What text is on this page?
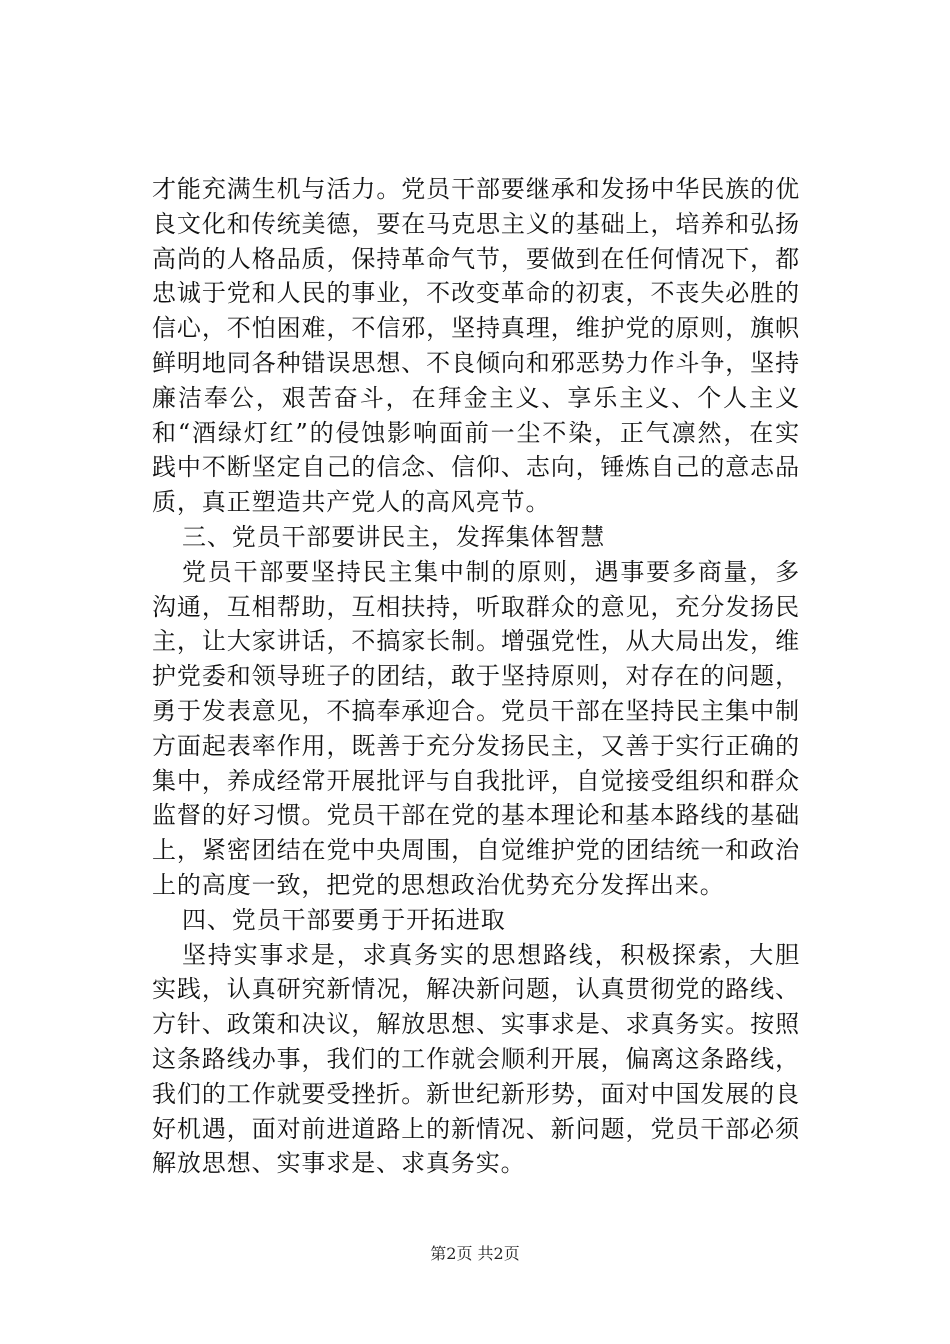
才能充满生机与活力。党员干部要继承和发扬中华民族的优良文化和传统美德，要在马克思主义的基础上，培养和弘扬高尚的人格品质，保持革命气节，要做到在任何情况下，都忠诚于党和人民的事业，不改变革命的初衷，不丧失必胜的信心，不怕困难，不信邪，坚持真理，维护党的原则，旗帜鲜明地同各种错误思想、不良倾向和邪恶势力作斗争，坚持廉洁奉公，艰苦奋斗，在拜金主义、享乐主义、个人主义和“酒绿灯红”的侵蚀影响面前一尘不染，正气凛然，在实践中不断坚定自己的信念、信仰、志向，锤炼自己的意志品质，真正塑造共产党人的高风亮节。

三、党员干部要讲民主，发挥集体智慧

党员干部要坚持民主集中制的原则，遇事要多商量，多沟通，互相帮助，互相扶持，听取群众的意见，充分发扬民主，让大家讲话，不搞家长制。增强党性，从大局出发，维护党委和领导班子的团结，敢于坚持原则，对存在的问题，勇于发表意见，不搞奉承迎合。党员干部在坚持民主集中制方面起表率作用，既善于充分发扬民主，又善于实行正确的集中，养成经常开展批评与自我批评，自觉接受组织和群众监督的好习惯。党员干部在党的基本理论和基本路线的基础上，紧密团结在党中央周围，自觉维护党的团结统一和政治上的高度一致，把党的思想政治优势充分发挥出来。

四、党员干部要勇于开拓进取

坚持实事求是，求真务实的思想路线，积极探索，大胆实践，认真研究新情况，解决新问题，认真贯彻党的路线、方针、政策和决议，解放思想、实事求是、求真务实。按照这条路线办事，我们的工作就会顺利开展，偏离这条路线，我们的工作就要受挫折。新世纪新形势，面对中国发展的良好机遇，面对前进道路上的新情况、新问题，党员干部必须解放思想、实事求是、求真务实。

第2页 共2页
